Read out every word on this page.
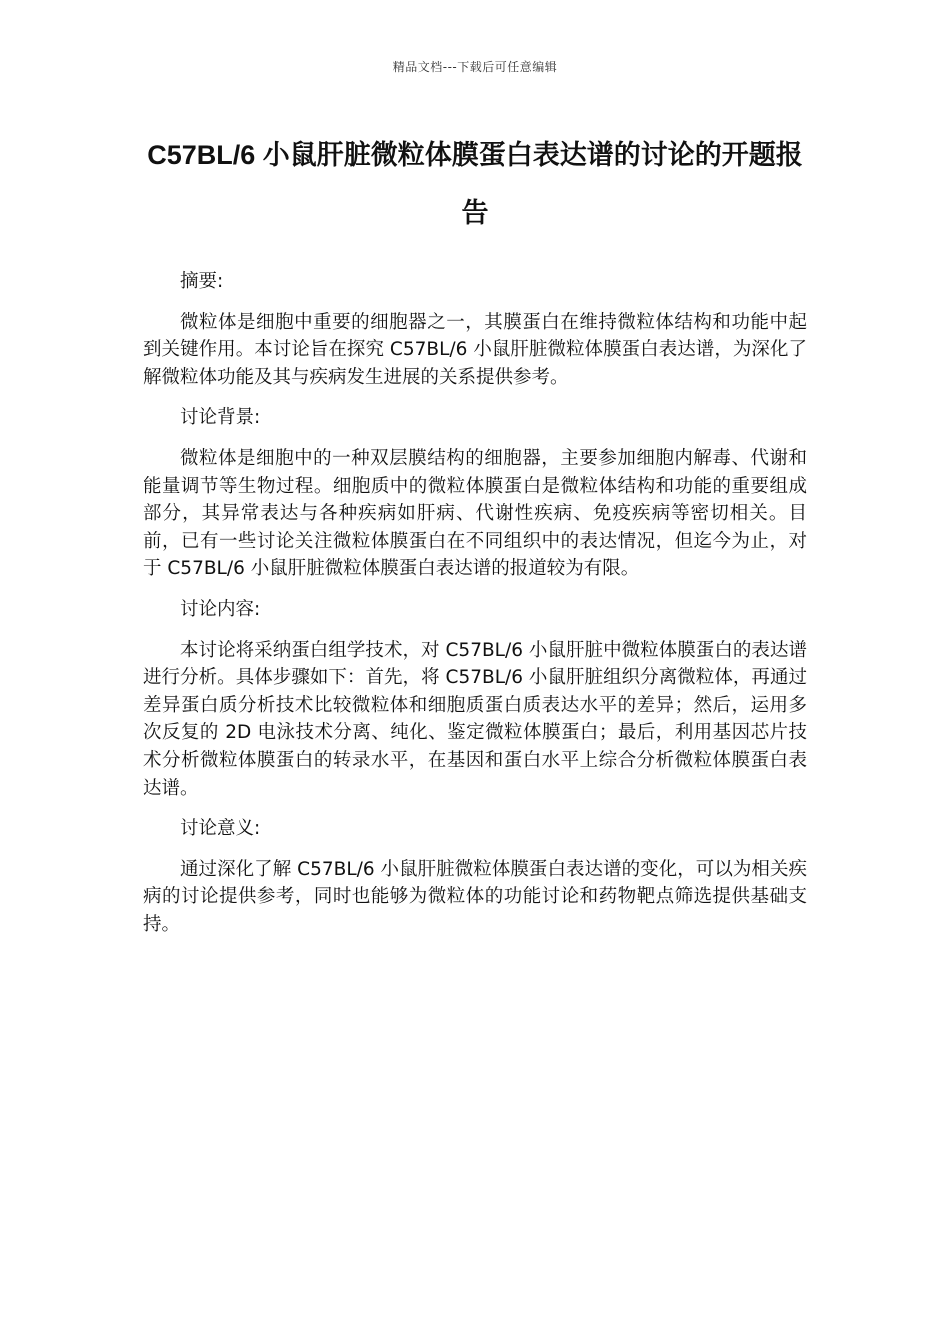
精品文档---下载后可任意编辑
C57BL/6 小鼠肝脏微粒体膜蛋白表达谱的讨论的开题报告
摘要:

微粒体是细胞中重要的细胞器之一，其膜蛋白在维持微粒体结构和功能中起到关键作用。本讨论旨在探究 C57BL/6 小鼠肝脏微粒体膜蛋白表达谱，为深化了解微粒体功能及其与疾病发生进展的关系提供参考。

讨论背景:

微粒体是细胞中的一种双层膜结构的细胞器，主要参加细胞内解毒、代谢和能量调节等生物过程。细胞质中的微粒体膜蛋白是微粒体结构和功能的重要组成部分，其异常表达与各种疾病如肝病、代谢性疾病、免疫疾病等密切相关。目前，已有一些讨论关注微粒体膜蛋白在不同组织中的表达情况，但迄今为止，对于 C57BL/6 小鼠肝脏微粒体膜蛋白表达谱的报道较为有限。

讨论内容:

本讨论将采纳蛋白组学技术，对 C57BL/6 小鼠肝脏中微粒体膜蛋白的表达谱进行分析。具体步骤如下：首先，将 C57BL/6 小鼠肝脏组织分离微粒体，再通过差异蛋白质分析技术比较微粒体和细胞质蛋白质表达水平的差异；然后，运用多次反复的 2D 电泳技术分离、纯化、鉴定微粒体膜蛋白；最后，利用基因芯片技术分析微粒体膜蛋白的转录水平，在基因和蛋白水平上综合分析微粒体膜蛋白表达谱。

讨论意义:

通过深化了解 C57BL/6 小鼠肝脏微粒体膜蛋白表达谱的变化，可以为相关疾病的讨论提供参考，同时也能够为微粒体的功能讨论和药物靶点筛选提供基础支持。
